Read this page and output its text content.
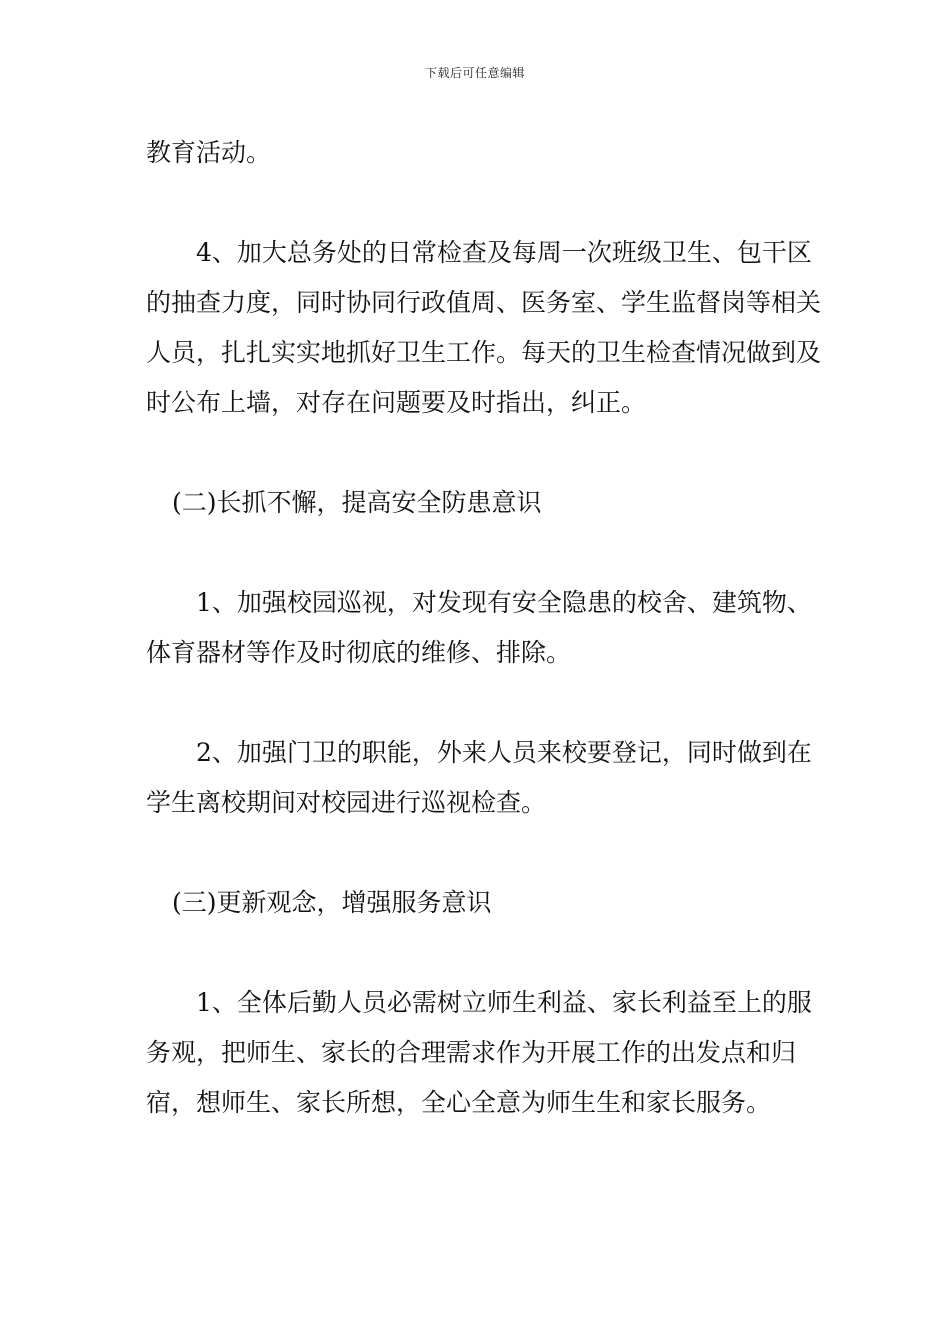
下载后可任意编辑

教育活动。

4、加大总务处的日常检查及每周一次班级卫生、包干区的抽查力度，同时协同行政值周、医务室、学生监督岗等相关人员，扎扎实实地抓好卫生工作。每天的卫生检查情况做到及时公布上墙，对存在问题要及时指出，纠正。

(二)长抓不懈，提高安全防患意识

1、加强校园巡视，对发现有安全隐患的校舍、建筑物、体育器材等作及时彻底的维修、排除。

2、加强门卫的职能，外来人员来校要登记，同时做到在学生离校期间对校园进行巡视检查。

(三)更新观念，增强服务意识

1、全体后勤人员必需树立师生利益、家长利益至上的服务观，把师生、家长的合理需求作为开展工作的出发点和归宿，想师生、家长所想，全心全意为师生生和家长服务。
